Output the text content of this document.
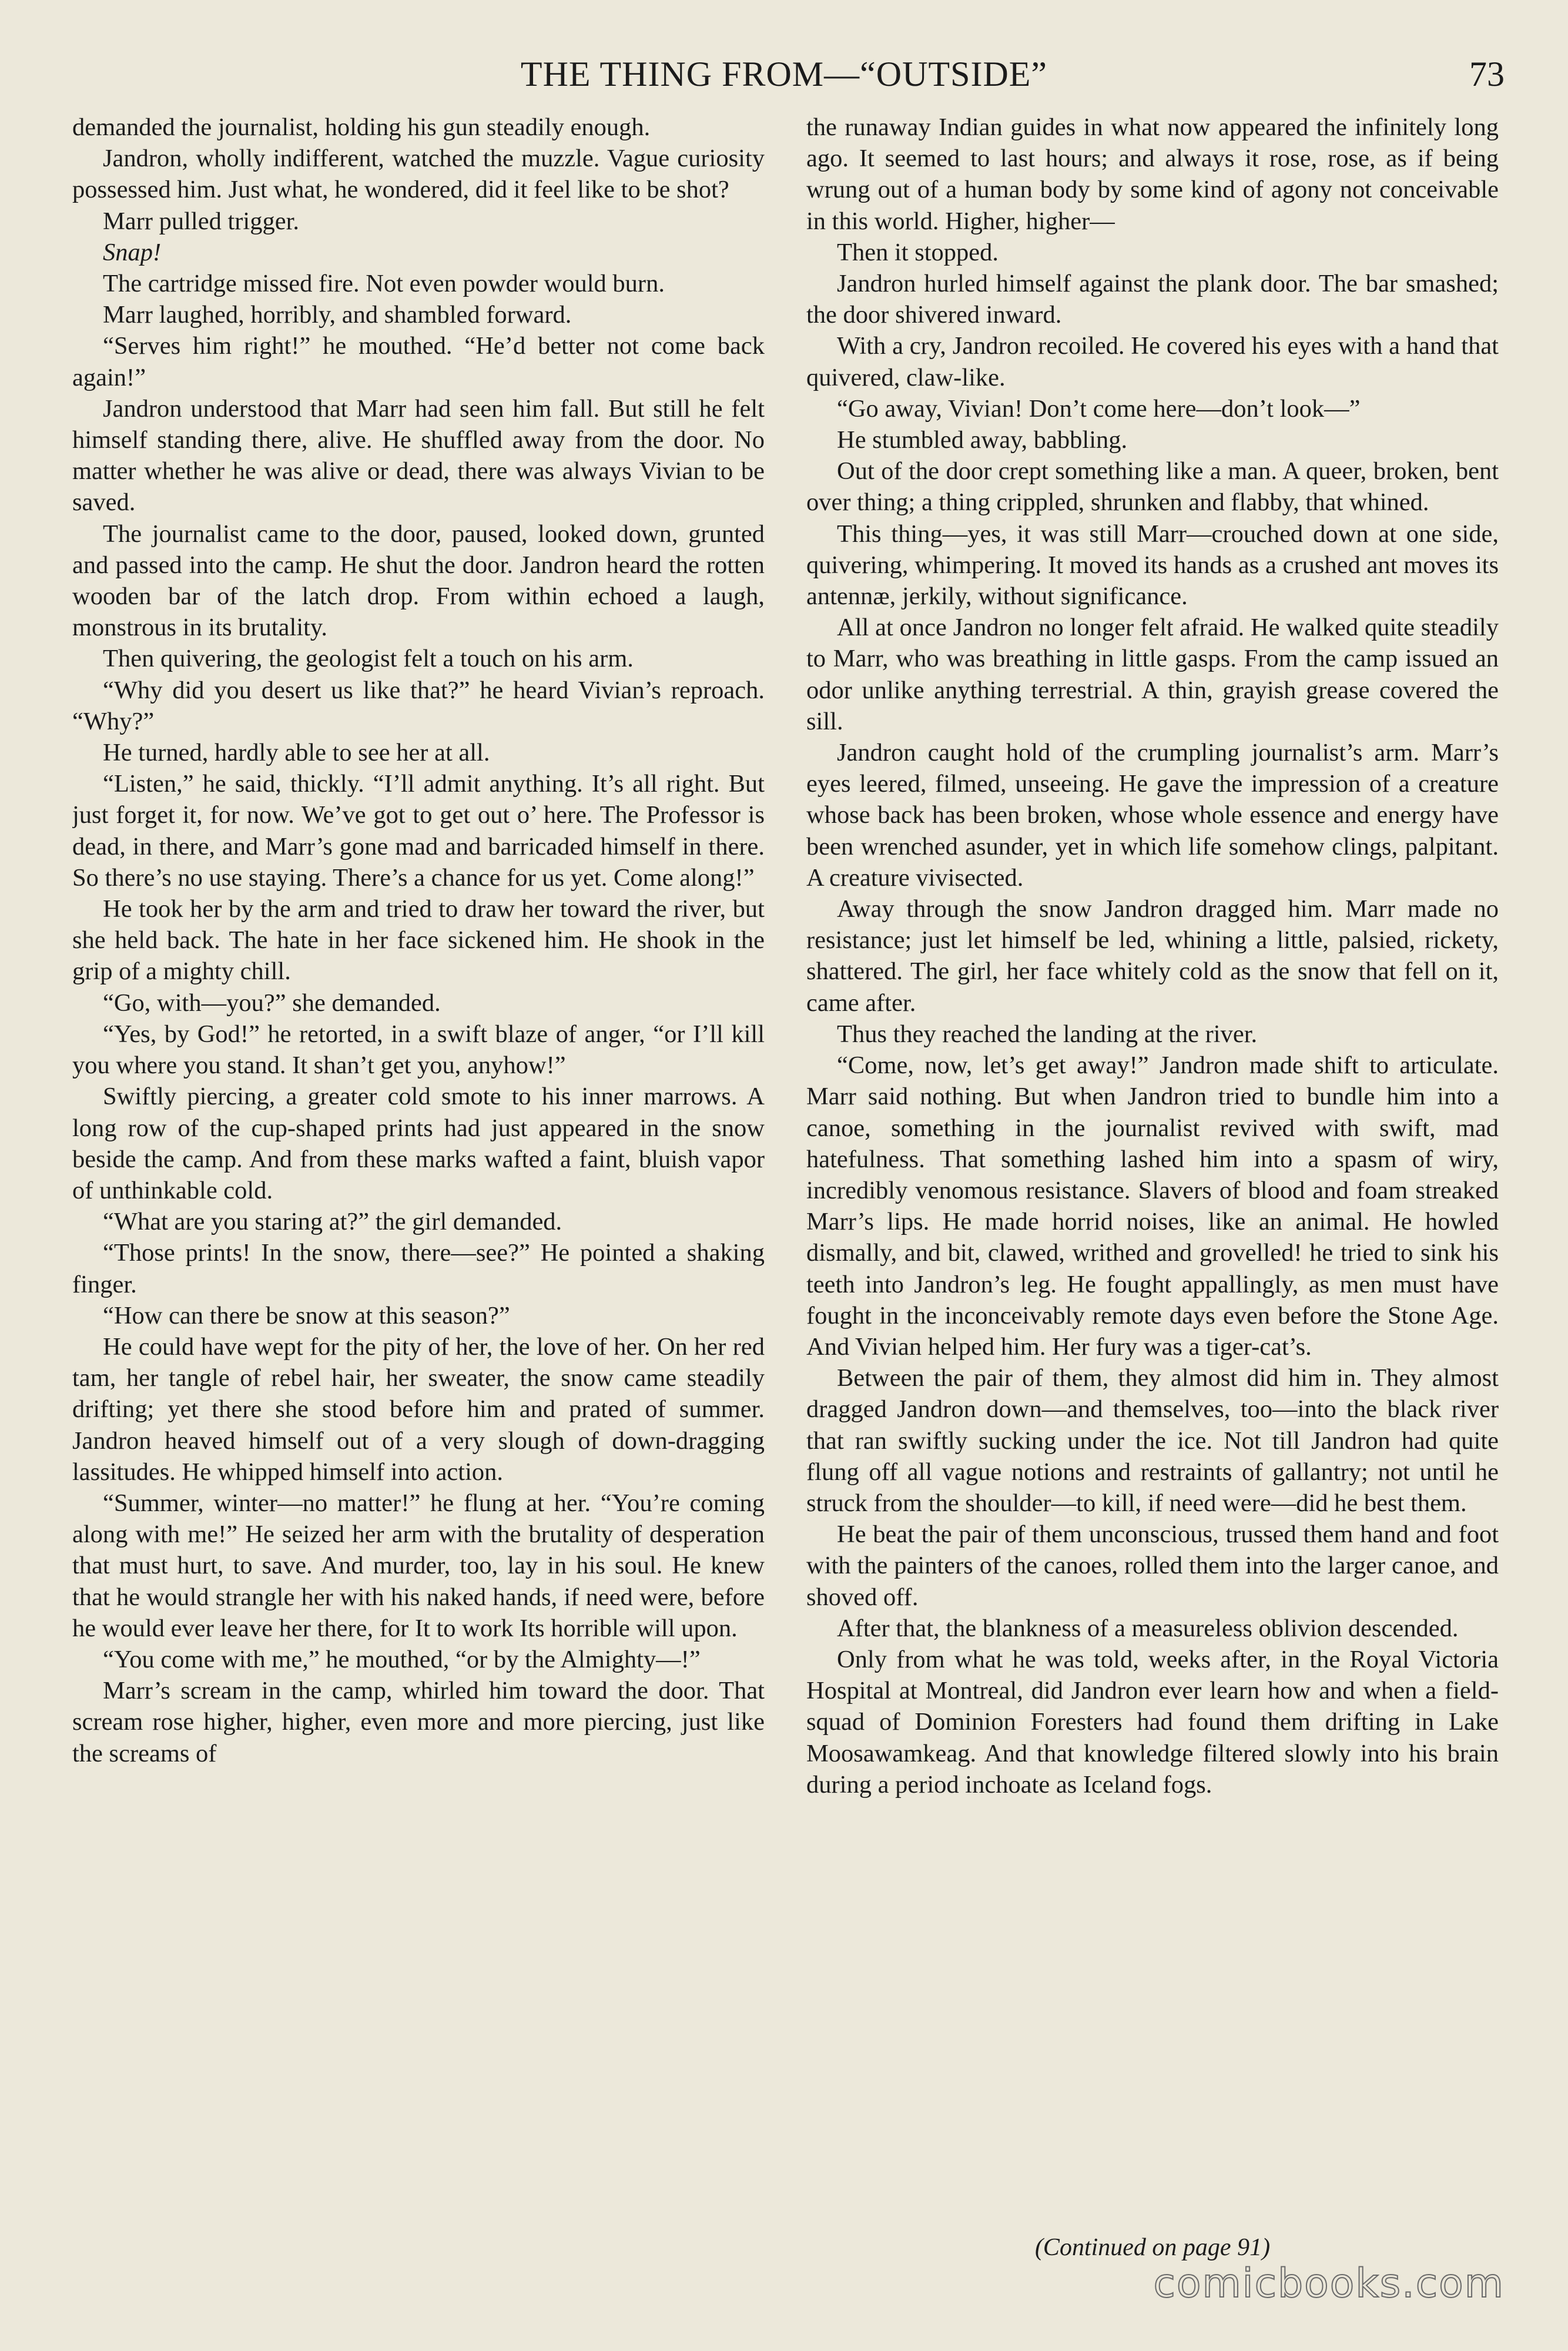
THE THING FROM—“OUTSIDE”	73

demanded the journalist, holding his gun steadily enough.

Jandron, wholly indifferent, watched the muzzle. Vague curiosity possessed him. Just what, he wondered, did it feel like to be shot?

Marr pulled trigger.

Snap!

The cartridge missed fire. Not even powder would burn.

Marr laughed, horribly, and shambled forward.

“Serves him right!” he mouthed. “He’d better not come back again!”

Jandron understood that Marr had seen him fall. But still he felt himself standing there, alive. He shuffled away from the door. No matter whether he was alive or dead, there was always Vivian to be saved.

The journalist came to the door, paused, looked down, grunted and passed into the camp. He shut the door. Jandron heard the rotten wooden bar of the latch drop. From within echoed a laugh, monstrous in its brutality.

Then quivering, the geologist felt a touch on his arm.

“Why did you desert us like that?” he heard Vivian’s reproach. “Why?”

He turned, hardly able to see her at all.

“Listen,” he said, thickly. “I’ll admit anything. It’s all right. But just forget it, for now. We’ve got to get out o’ here. The Professor is dead, in there, and Marr’s gone mad and barricaded himself in there. So there’s no use staying. There’s a chance for us yet. Come along!”

He took her by the arm and tried to draw her toward the river, but she held back. The hate in her face sickened him. He shook in the grip of a mighty chill.

“Go, with—you?” she demanded.

“Yes, by God!” he retorted, in a swift blaze of anger, “or I’ll kill you where you stand. It shan’t get you, anyhow!”

Swiftly piercing, a greater cold smote to his inner marrows. A long row of the cup-shaped prints had just appeared in the snow beside the camp. And from these marks wafted a faint, bluish vapor of unthinkable cold.

“What are you staring at?” the girl demanded.

“Those prints! In the snow, there—see?” He pointed a shaking finger.

“How can there be snow at this season?”

He could have wept for the pity of her, the love of her. On her red tam, her tangle of rebel hair, her sweater, the snow came steadily drifting; yet there she stood before him and prated of summer. Jandron heaved himself out of a very slough of down-dragging lassitudes. He whipped himself into action.

“Summer, winter—no matter!” he flung at her. “You’re coming along with me!” He seized her arm with the brutality of desperation that must hurt, to save. And murder, too, lay in his soul. He knew that he would strangle her with his naked hands, if need were, before he would ever leave her there, for It to work Its horrible will upon.

“You come with me,” he mouthed, “or by the Almighty—!”

Marr’s scream in the camp, whirled him toward the door. That scream rose higher, higher, even more and more piercing, just like the screams of

the runaway Indian guides in what now appeared the infinitely long ago. It seemed to last hours; and always it rose, rose, as if being wrung out of a human body by some kind of agony not conceivable in this world. Higher, higher—

Then it stopped.

Jandron hurled himself against the plank door. The bar smashed; the door shivered inward.

With a cry, Jandron recoiled. He covered his eyes with a hand that quivered, claw-like.

“Go away, Vivian! Don’t come here—don’t look—”

He stumbled away, babbling.

Out of the door crept something like a man. A queer, broken, bent over thing; a thing crippled, shrunken and flabby, that whined.

This thing—yes, it was still Marr—crouched down at one side, quivering, whimpering. It moved its hands as a crushed ant moves its antennæ, jerkily, without significance.

All at once Jandron no longer felt afraid. He walked quite steadily to Marr, who was breathing in little gasps. From the camp issued an odor unlike anything terrestrial. A thin, grayish grease covered the sill.

Jandron caught hold of the crumpling journalist’s arm. Marr’s eyes leered, filmed, unseeing. He gave the impression of a creature whose back has been broken, whose whole essence and energy have been wrenched asunder, yet in which life somehow clings, palpitant. A creature vivisected.

Away through the snow Jandron dragged him. Marr made no resistance; just let himself be led, whining a little, palsied, rickety, shattered. The girl, her face whitely cold as the snow that fell on it, came after.

Thus they reached the landing at the river.

“Come, now, let’s get away!” Jandron made shift to articulate. Marr said nothing. But when Jandron tried to bundle him into a canoe, something in the journalist revived with swift, mad hatefulness. That something lashed him into a spasm of wiry, incredibly venomous resistance. Slavers of blood and foam streaked Marr’s lips. He made horrid noises, like an animal. He howled dismally, and bit, clawed, writhed and grovelled! he tried to sink his teeth into Jandron’s leg. He fought appallingly, as men must have fought in the inconceivably remote days even before the Stone Age. And Vivian helped him. Her fury was a tiger-cat’s.

Between the pair of them, they almost did him in. They almost dragged Jandron down—and themselves, too—into the black river that ran swiftly sucking under the ice. Not till Jandron had quite flung off all vague notions and restraints of gallantry; not until he struck from the shoulder—to kill, if need were—did he best them.

He beat the pair of them unconscious, trussed them hand and foot with the painters of the canoes, rolled them into the larger canoe, and shoved off.

After that, the blankness of a measureless oblivion descended.

Only from what he was told, weeks after, in the Royal Victoria Hospital at Montreal, did Jandron ever learn how and when a field-squad of Dominion Foresters had found them drifting in Lake Moosawamkeag. And that knowledge filtered slowly into his brain during a period inchoate as Iceland fogs.

(Continued on page 91)
comicbooks.com
